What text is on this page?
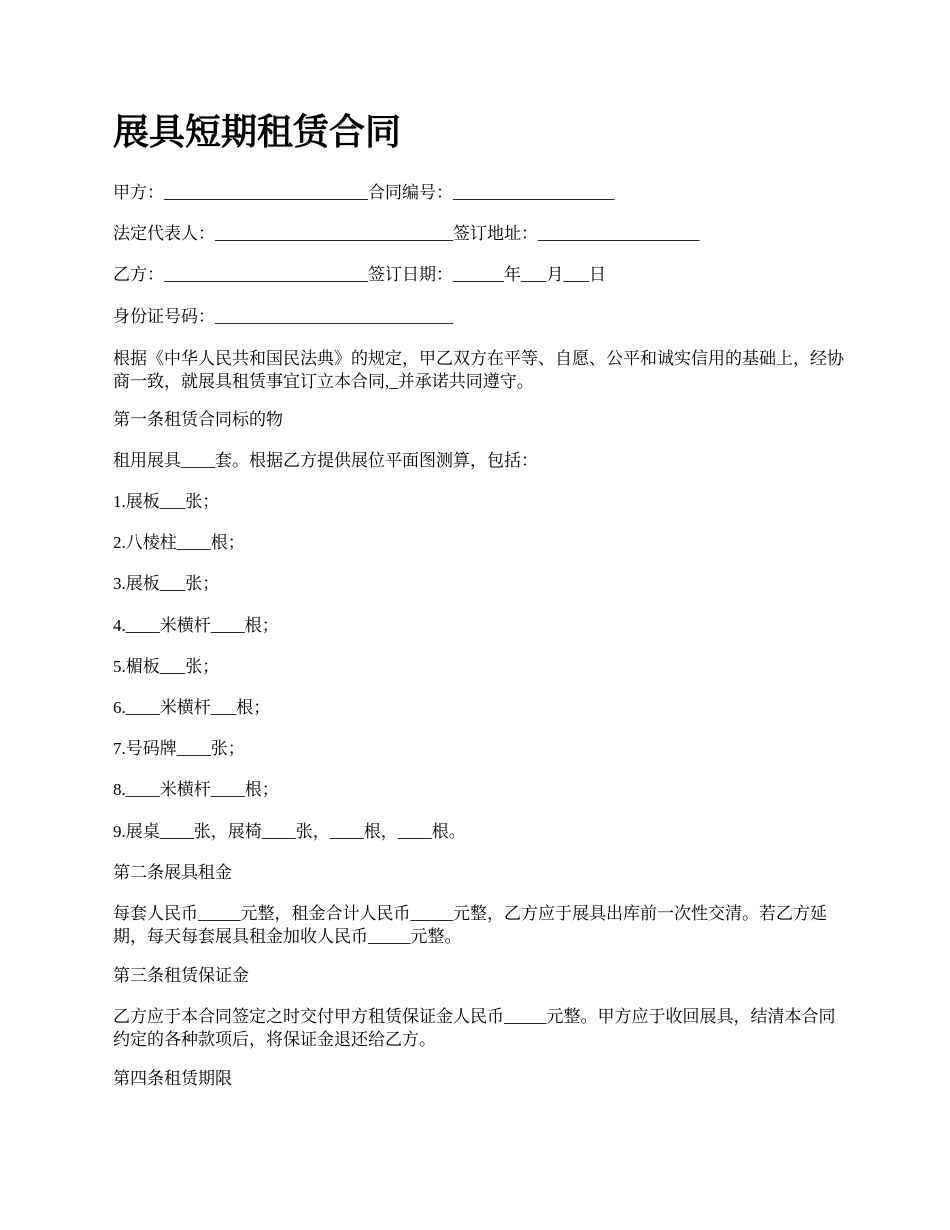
展具短期租赁合同
甲方：________________________合同编号：___________________
法定代表人：____________________________签订地址：___________________
乙方：________________________签订日期：______年___月___日
身份证号码：____________________________
根据《中华人民共和国民法典》的规定，甲乙双方在平等、自愿、公平和诚实信用的基础上，经协商一致，就展具租赁事宜订立本合同,_并承诺共同遵守。
第一条租赁合同标的物
租用展具____套。根据乙方提供展位平面图测算，包括：
1.展板___张；
2.八棱柱____根；
3.展板___张；
4.____米横杆____根；
5.楣板___张；
6.____米横杆___根；
7.号码牌____张；
8.____米横杆____根；
9.展桌____张，展椅____张，____根，____根。
第二条展具租金
每套人民币_____元整，租金合计人民币_____元整，乙方应于展具出库前一次性交清。若乙方延期，每天每套展具租金加收人民币_____元整。
第三条租赁保证金
乙方应于本合同签定之时交付甲方租赁保证金人民币_____元整。甲方应于收回展具，结清本合同约定的各种款项后，将保证金退还给乙方。
第四条租赁期限
